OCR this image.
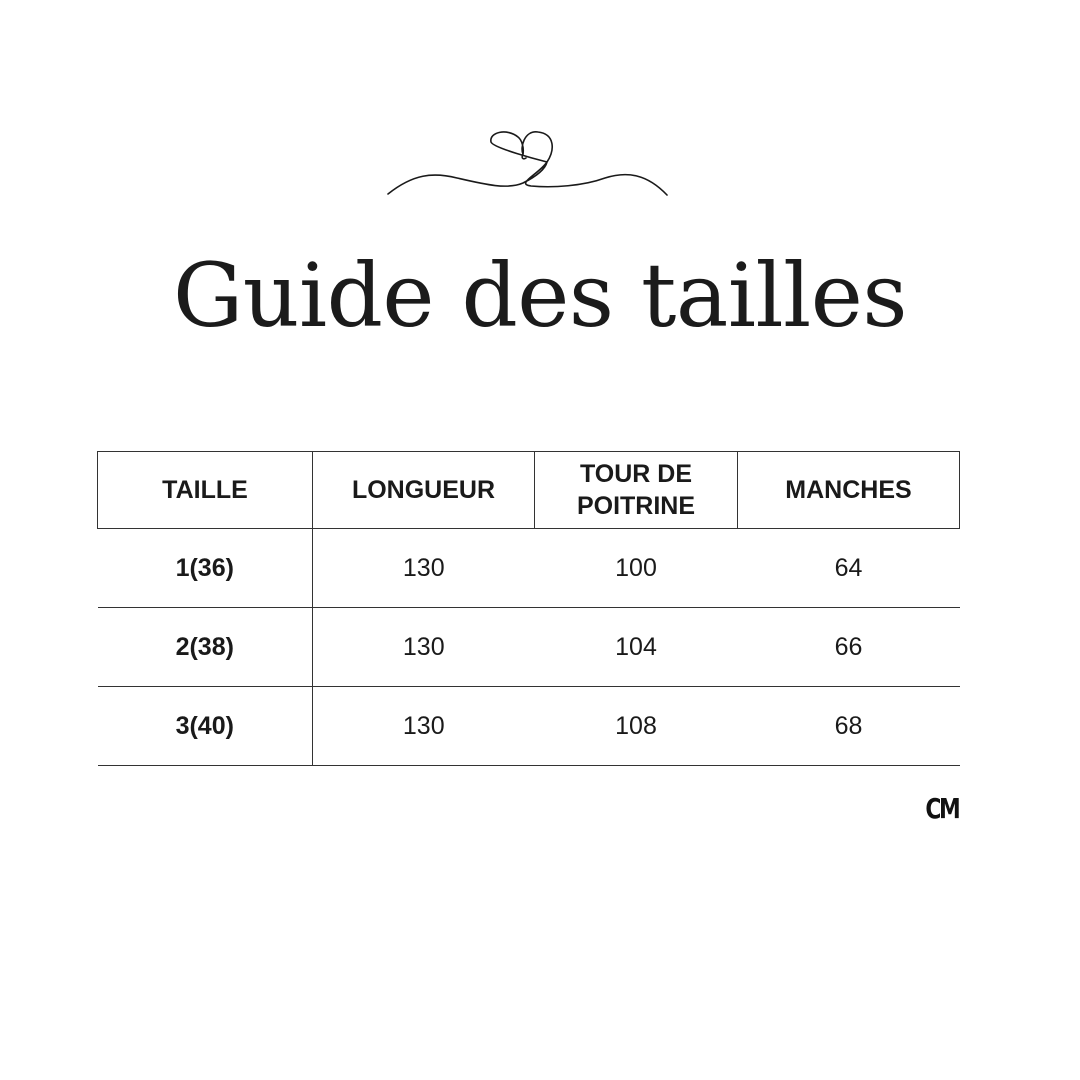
Guide des tailles
TAILLE	LONGUEUR	TOUR DE POITRINE	MANCHES
1(36)	130	100	64
2(38)	130	104	66
3(40)	130	108	68
CM
